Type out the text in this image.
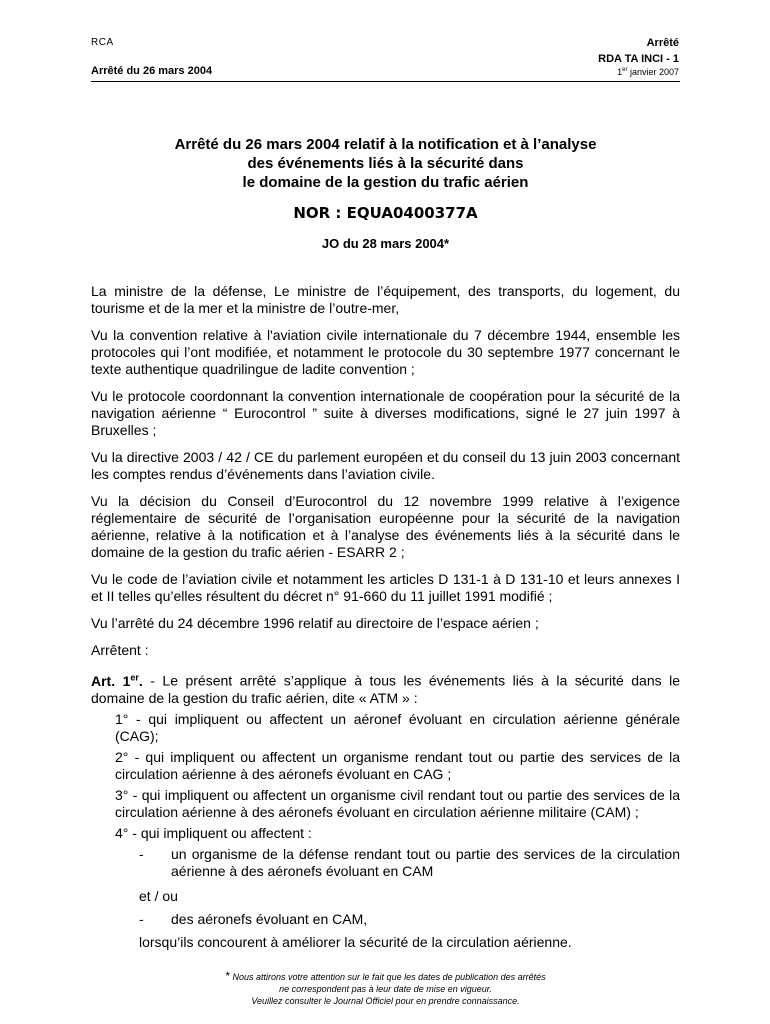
RCA	Arrêté
RDA TA INCI - 1
Arrêté du 26 mars 2004	1er janvier 2007
Arrêté du 26 mars 2004 relatif à la notification et à l’analyse
des événements liés à la sécurité dans
le domaine de la gestion du trafic aérien
NOR : EQUA0400377A
JO du 28 mars 2004*

La ministre de la défense, Le ministre de l’équipement, des transports, du logement, du tourisme et de la mer et la ministre de l’outre-mer,

Vu la convention relative à l'aviation civile internationale du 7 décembre 1944, ensemble les protocoles qui l’ont modifiée, et notamment le protocole du 30 septembre 1977 concernant le texte authentique quadrilingue de ladite convention ;

Vu le protocole coordonnant la convention internationale de coopération pour la sécurité de la navigation aérienne “ Eurocontrol ” suite à diverses modifications, signé le 27 juin 1997 à Bruxelles ;

Vu la directive 2003 / 42 / CE du parlement européen et du conseil du 13 juin 2003 concernant les comptes rendus d’événements dans l’aviation civile.

Vu la décision du Conseil d’Eurocontrol du 12 novembre 1999 relative à l’exigence réglementaire de sécurité de l’organisation européenne pour la sécurité de la navigation aérienne, relative à la notification et à l’analyse des événements liés à la sécurité dans le domaine de la gestion du trafic aérien - ESARR 2 ;

Vu le code de l’aviation civile et notamment les articles D 131-1 à D 131-10 et leurs annexes I et II telles qu’elles résultent du décret n° 91-660 du 11 juillet 1991 modifié ;

Vu l’arrêté du 24 décembre 1996 relatif au directoire de l’espace aérien ;

Arrêtent :

Art. 1er. - Le présent arrêté s’applique à tous les événements liés à la sécurité dans le domaine de la gestion du trafic aérien, dite « ATM » :

1° - qui impliquent ou affectent un aéronef évoluant en circulation aérienne générale (CAG);

2° - qui impliquent ou affectent un organisme rendant tout ou partie des services de la circulation aérienne à des aéronefs évoluant en CAG ;

3° - qui impliquent ou affectent un organisme civil rendant tout ou partie des services de la circulation aérienne à des aéronefs évoluant en circulation aérienne militaire (CAM) ;

4° - qui impliquent ou affectent :

-	un organisme de la défense rendant tout ou partie des services de la circulation aérienne à des aéronefs évoluant en CAM

et / ou

-	des aéronefs évoluant en CAM,

lorsqu’ils concourent à améliorer la sécurité de la circulation aérienne.

* Nous attirons votre attention sur le fait que les dates de publication des arrêtés
ne correspondent pas à leur date de mise en vigueur.
Veuillez consulter le Journal Officiel pour en prendre connaissance.
